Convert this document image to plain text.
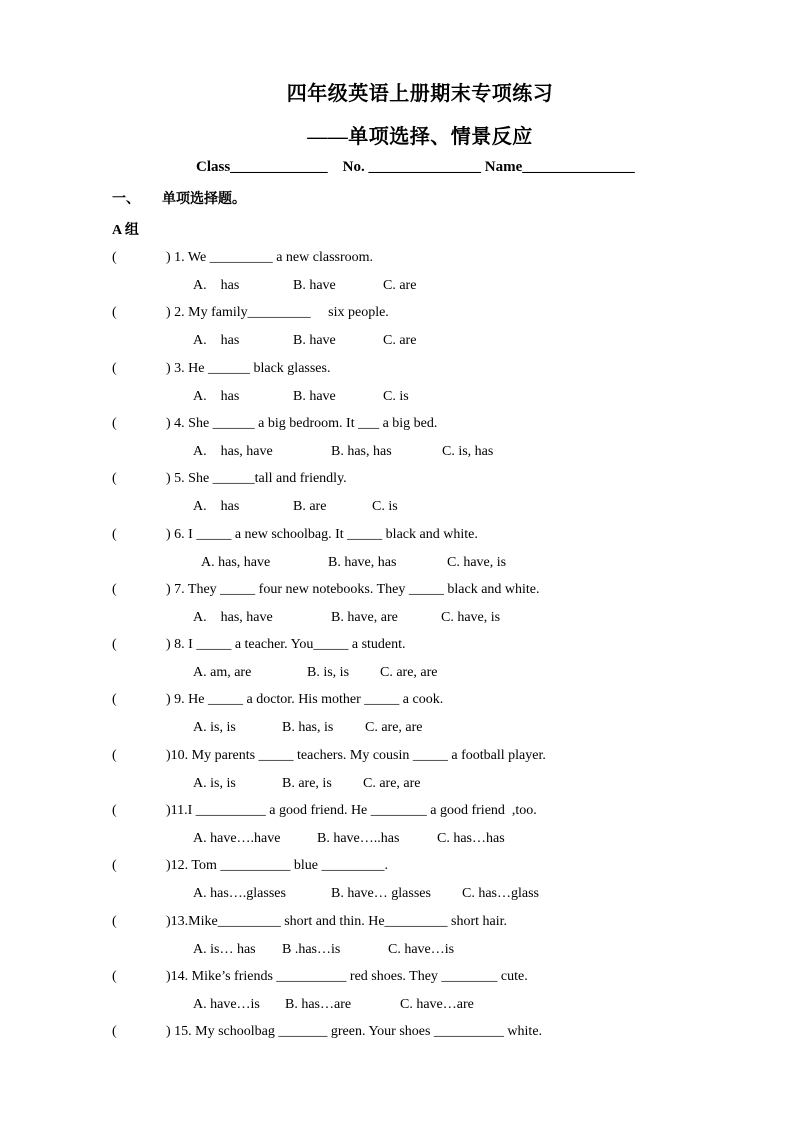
四年级英语上册期末专项练习
——单项选择、情景反应
Class_____________    No. _______________ Name_______________
一、 单项选择题。
A 组
(	) 1. We _________ a new classroom.
A.    has	B. have	C. are
(	) 2. My family_________     six people.
A.    has	B. have	C. are
(	) 3. He ______ black glasses.
A.    has	B. have	C. is
(	) 4. She ______ a big bedroom. It ___ a big bed.
A.    has, have	B. has, has	C. is, has
(	) 5. She ______tall and friendly.
A.    has	B. are	C. is
(	) 6. I _____ a new schoolbag. It _____ black and white.
A. has, have	B. have, has	C. have, is
(	) 7. They _____ four new notebooks. They _____ black and white.
A.    has, have	B. have, are	C. have, is
(	) 8. I _____ a teacher. You_____ a student.
A. am, are	B. is, is C. are, are
(	) 9. He _____ a doctor. His mother _____ a cook.
A. is, is	B. has, is C. are, are
(	)10. My parents _____ teachers. My cousin _____ a football player.
A. is, is	B. are, is C. are, are
(	)11.I __________ a good friend. He ________ a good friend  ,too.
A. have….have	B. have…..has	C. has…has
(	)12. Tom __________ blue _________.
A. has….glasses	B. have… glasses C. has…glass
(	)13.Mike_________ short and thin. He_________ short hair.
A. is… has B .has…is	C. have…is
(	)14. Mike’s friends __________ red shoes. They ________ cute.
A. have…is B. has…are	C. have…are
(	) 15. My schoolbag _______ green. Your shoes __________ white.
